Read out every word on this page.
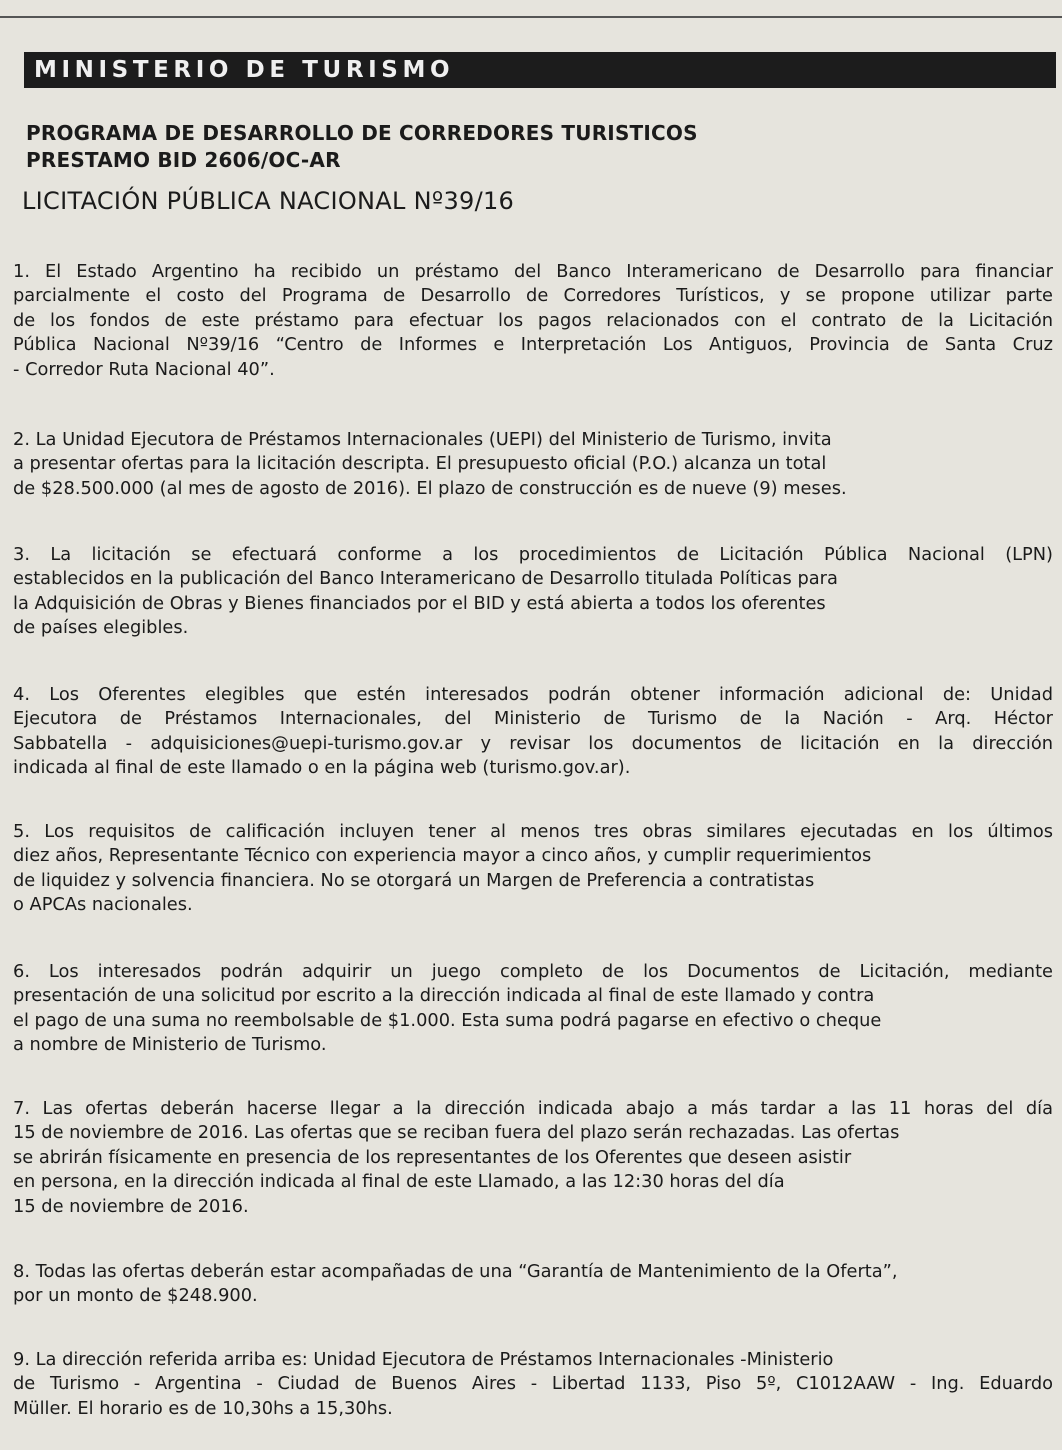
MINISTERIO DE TURISMO
PROGRAMA DE DESARROLLO DE CORREDORES TURISTICOS
PRESTAMO BID 2606/OC-AR
LICITACIÓN PÚBLICA NACIONAL Nº39/16
1. El Estado Argentino ha recibido un préstamo del Banco Interamericano de Desarrollo para financiar
parcialmente el costo del Programa de Desarrollo de Corredores Turísticos, y se propone utilizar parte
de los fondos de este préstamo para efectuar los pagos relacionados con el contrato de la Licitación
Pública Nacional Nº39/16 “Centro de Informes e Interpretación Los Antiguos, Provincia de Santa Cruz
- Corredor Ruta Nacional 40”.
2. La Unidad Ejecutora de Préstamos Internacionales (UEPI) del Ministerio de Turismo, invita
a presentar ofertas para la licitación descripta. El presupuesto oficial (P.O.) alcanza un total
de $28.500.000 (al mes de agosto de 2016). El plazo de construcción es de nueve (9) meses.
3. La licitación se efectuará conforme a los procedimientos de Licitación Pública Nacional (LPN)
establecidos en la publicación del Banco Interamericano de Desarrollo titulada Políticas para
la Adquisición de Obras y Bienes financiados por el BID y está abierta a todos los oferentes
de países elegibles.
4. Los Oferentes elegibles que estén interesados podrán obtener información adicional de: Unidad
Ejecutora de Préstamos Internacionales, del Ministerio de Turismo de la Nación - Arq. Héctor
Sabbatella - adquisiciones@uepi-turismo.gov.ar y revisar los documentos de licitación en la dirección
indicada al final de este llamado o en la página web (turismo.gov.ar).
5. Los requisitos de calificación incluyen tener al menos tres obras similares ejecutadas en los últimos
diez años, Representante Técnico con experiencia mayor a cinco años, y cumplir requerimientos
de liquidez y solvencia financiera. No se otorgará un Margen de Preferencia a contratistas
o APCAs nacionales.
6. Los interesados podrán adquirir un juego completo de los Documentos de Licitación, mediante
presentación de una solicitud por escrito a la dirección indicada al final de este llamado y contra
el pago de una suma no reembolsable de $1.000. Esta suma podrá pagarse en efectivo o cheque
a nombre de Ministerio de Turismo.
7. Las ofertas deberán hacerse llegar a la dirección indicada abajo a más tardar a las 11 horas del día
15 de noviembre de 2016. Las ofertas que se reciban fuera del plazo serán rechazadas. Las ofertas
se abrirán físicamente en presencia de los representantes de los Oferentes que deseen asistir
en persona, en la dirección indicada al final de este Llamado, a las 12:30 horas del día
15 de noviembre de 2016.
8. Todas las ofertas deberán estar acompañadas de una “Garantía de Mantenimiento de la Oferta”,
por un monto de $248.900.
9. La dirección referida arriba es: Unidad Ejecutora de Préstamos Internacionales -Ministerio
de Turismo - Argentina - Ciudad de Buenos Aires - Libertad 1133, Piso 5º, C1012AAW - Ing. Eduardo
Müller. El horario es de 10,30hs a 15,30hs.
